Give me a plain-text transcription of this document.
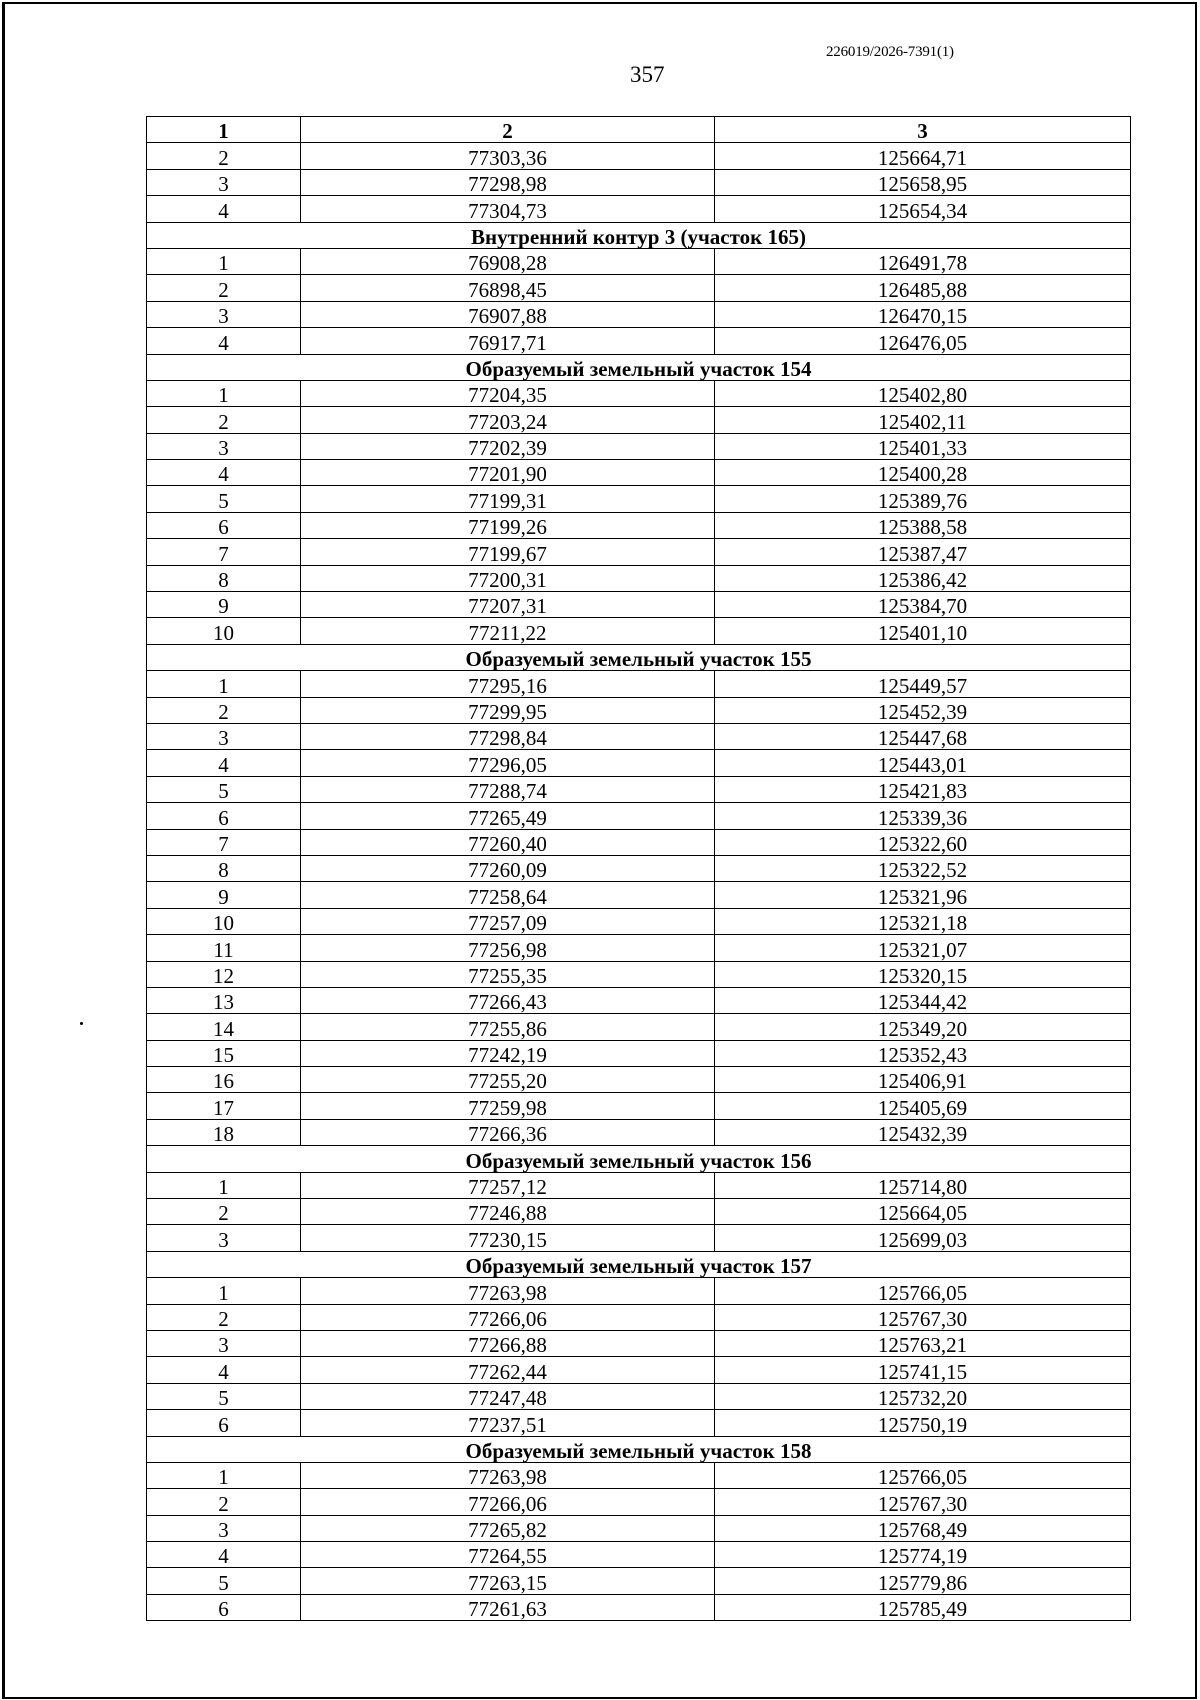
226019/2026-7391(1)
357
1	2	3
2	77303,36	125664,71
3	77298,98	125658,95
4	77304,73	125654,34
Внутренний контур 3 (участок 165)		
1	76908,28	126491,78
2	76898,45	126485,88
3	76907,88	126470,15
4	76917,71	126476,05
Образуемый земельный участок 154		
1	77204,35	125402,80
2	77203,24	125402,11
3	77202,39	125401,33
4	77201,90	125400,28
5	77199,31	125389,76
6	77199,26	125388,58
7	77199,67	125387,47
8	77200,31	125386,42
9	77207,31	125384,70
10	77211,22	125401,10
Образуемый земельный участок 155		
1	77295,16	125449,57
2	77299,95	125452,39
3	77298,84	125447,68
4	77296,05	125443,01
5	77288,74	125421,83
6	77265,49	125339,36
7	77260,40	125322,60
8	77260,09	125322,52
9	77258,64	125321,96
10	77257,09	125321,18
11	77256,98	125321,07
12	77255,35	125320,15
13	77266,43	125344,42
14	77255,86	125349,20
15	77242,19	125352,43
16	77255,20	125406,91
17	77259,98	125405,69
18	77266,36	125432,39
Образуемый земельный участок 156		
1	77257,12	125714,80
2	77246,88	125664,05
3	77230,15	125699,03
Образуемый земельный участок 157		
1	77263,98	125766,05
2	77266,06	125767,30
3	77266,88	125763,21
4	77262,44	125741,15
5	77247,48	125732,20
6	77237,51	125750,19
Образуемый земельный участок 158		
1	77263,98	125766,05
2	77266,06	125767,30
3	77265,82	125768,49
4	77264,55	125774,19
5	77263,15	125779,86
6	77261,63	125785,49
